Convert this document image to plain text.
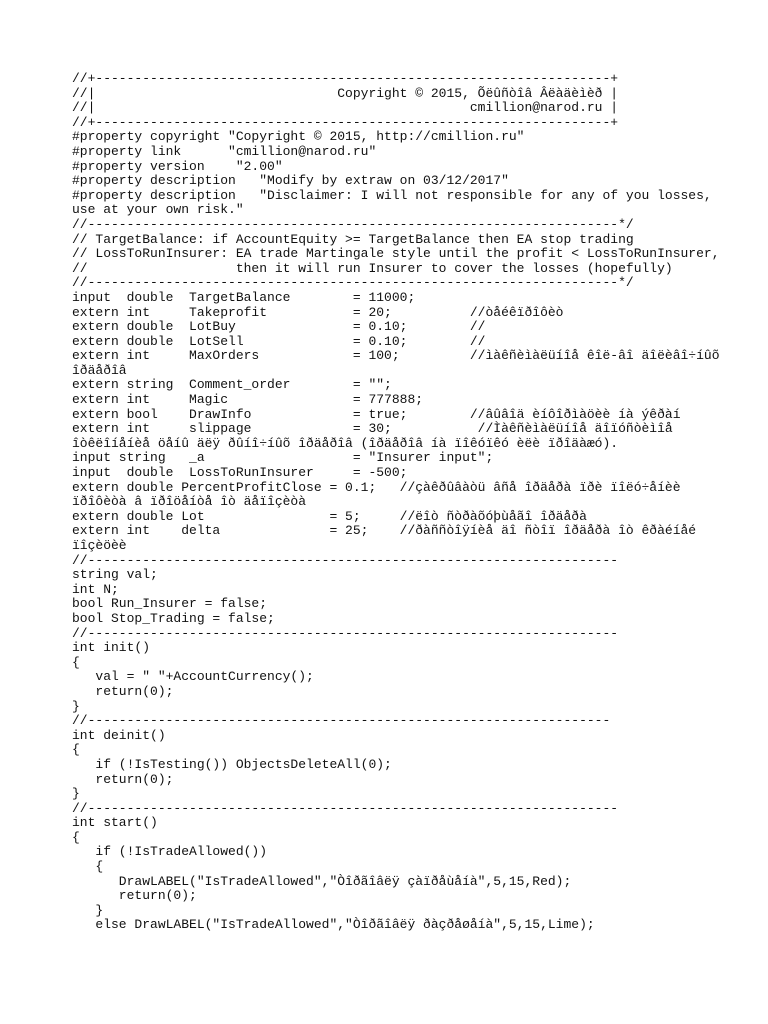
//+------------------------------------------------------------------+
//|                               Copyright © 2015, Õëûñòîâ Âëàäèìèð |
//|                                                cmillion@narod.ru |
//+------------------------------------------------------------------+
#property copyright "Copyright © 2015, http://cmillion.ru"
#property link      "cmillion@narod.ru"
#property version    "2.00"
#property description   "Modify by extraw on 03/12/2017"
#property description   "Disclaimer: I will not responsible for any of you losses,
use at your own risk."
//--------------------------------------------------------------------*/
// TargetBalance: if AccountEquity >= TargetBalance then EA stop trading
// LossToRunInsurer: EA trade Martingale style until the profit < LossToRunInsurer,
//                   then it will run Insurer to cover the losses (hopefully)
//--------------------------------------------------------------------*/
input  double  TargetBalance        = 11000;
extern int     Takeprofit           = 20;          //òåéêïðîôèò
extern double  LotBuy               = 0.10;        //
extern double  LotSell              = 0.10;        //
extern int     MaxOrders            = 100;         //ìàêñèìàëüíîå êîë-âî äîëèâî÷íûõ
îðäåðîâ
extern string  Comment_order        = "";
extern int     Magic                = 777888;
extern bool    DrawInfo             = true;        //âûâîä èíôîðìàöèè íà ýêðàí
extern int     slippage             = 30;           //Ìàêñèìàëüíîå äîïóñòèìîå
îòêëîíåíèå öåíû äëÿ ðûíî÷íûõ îðäåðîâ (îðäåðîâ íà ïîêóïêó èëè ïðîäàæó).
input string   _a                   = "Insurer input";
input  double  LossToRunInsurer     = -500;
extern double PercentProfitClose = 0.1;   //çàêðûâàòü âñå îðäåðà ïðè ïîëó÷åíèè
ïðîôèòà â ïðîöåíòå îò äåïîçèòà
extern double Lot                = 5;     //ëîò ñòðàõóþùåãî îðäåðà
extern int    delta              = 25;    //ðàññòîÿíèå äî ñòîï îðäåðà îò êðàéíåé
ïîçèöèè
//--------------------------------------------------------------------
string val;
int N;
bool Run_Insurer = false;
bool Stop_Trading = false;
//--------------------------------------------------------------------
int init()
{
val = " "+AccountCurrency();
return(0);
}
//-------------------------------------------------------------------
int deinit()
{
if (!IsTesting()) ObjectsDeleteAll(0);
return(0);
}
//--------------------------------------------------------------------
int start()
{
if (!IsTradeAllowed())
{
DrawLABEL("IsTradeAllowed","Òîðãîâëÿ çàïðåùåíà",5,15,Red);
return(0);
}
else DrawLABEL("IsTradeAllowed","Òîðãîâëÿ ðàçðåøåíà",5,15,Lime);
